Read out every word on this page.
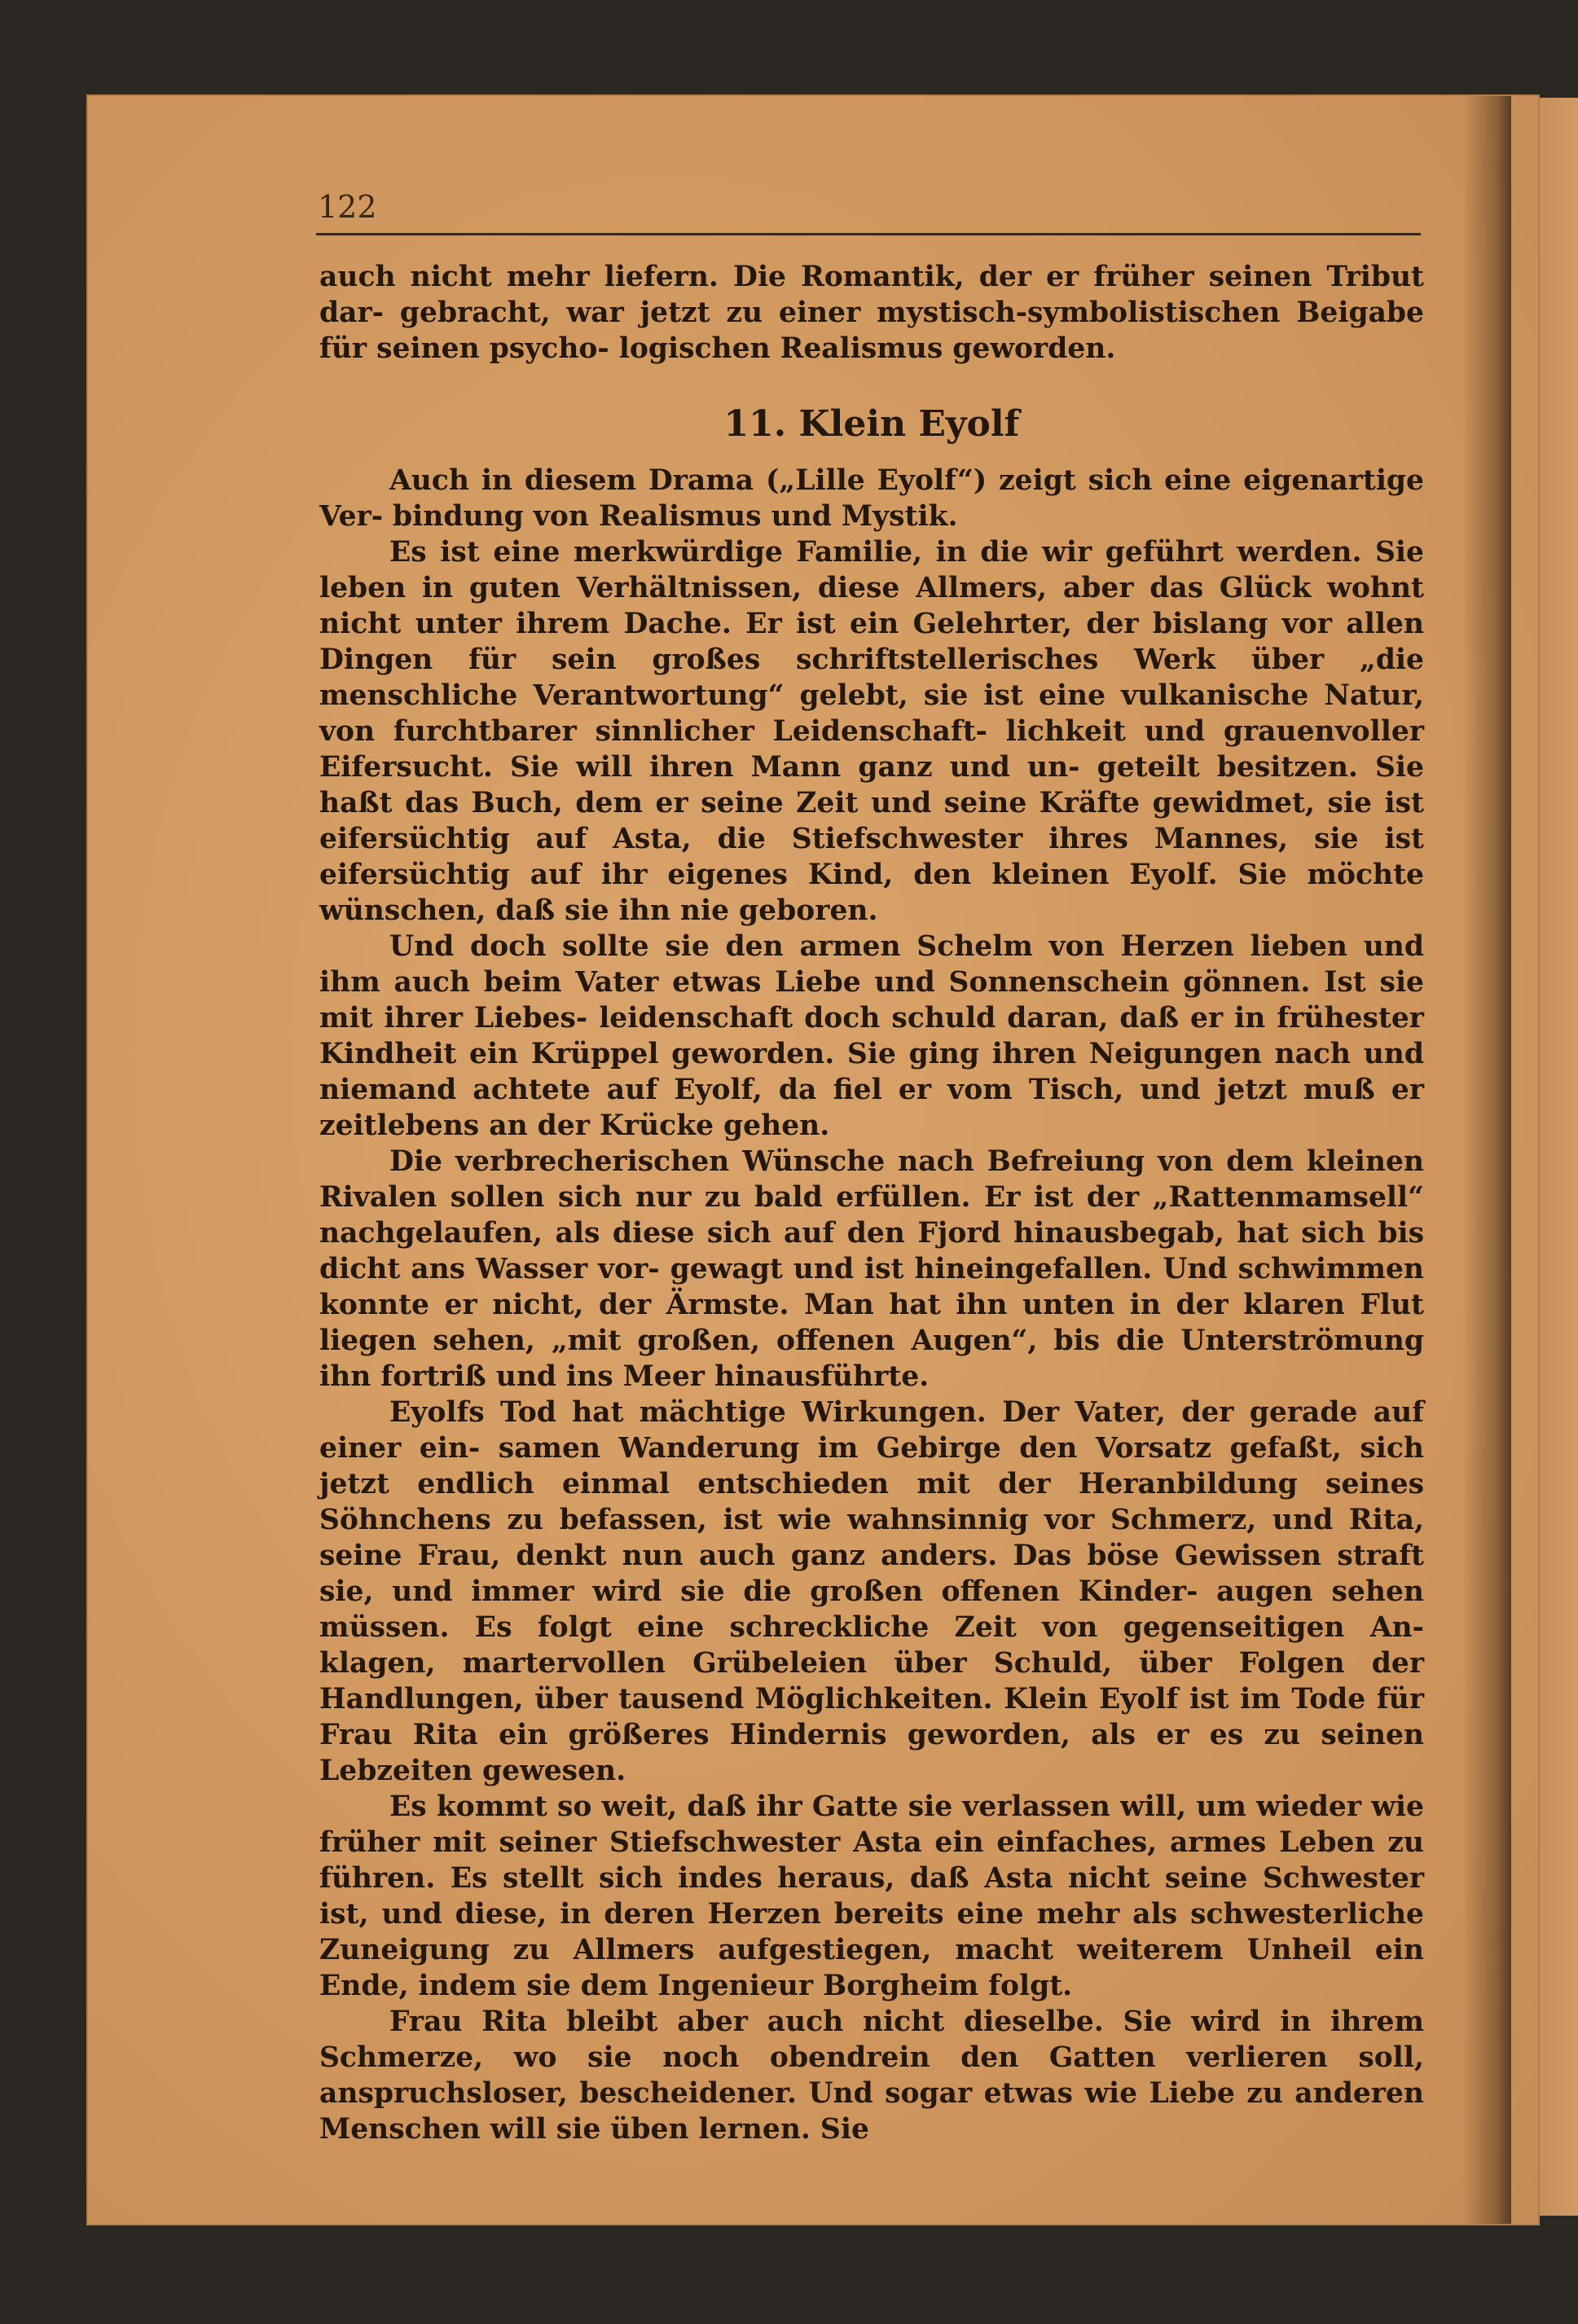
122

auch nicht mehr liefern. Die Romantik, der er früher seinen Tribut dar- gebracht, war jetzt zu einer mystisch-symbolistischen Beigabe für seinen psycho- logischen Realismus geworden.

11. Klein Eyolf

Auch in diesem Drama („Lille Eyolf“) zeigt sich eine eigenartige Ver- bindung von Realismus und Mystik.

Es ist eine merkwürdige Familie, in die wir geführt werden. Sie leben in guten Verhältnissen, diese Allmers, aber das Glück wohnt nicht unter ihrem Dache. Er ist ein Gelehrter, der bislang vor allen Dingen für sein großes schriftstellerisches Werk über „die menschliche Verantwortung“ gelebt, sie ist eine vulkanische Natur, von furchtbarer sinnlicher Leidenschaft- lichkeit und grauenvoller Eifersucht. Sie will ihren Mann ganz und un- geteilt besitzen. Sie haßt das Buch, dem er seine Zeit und seine Kräfte gewidmet, sie ist eifersüchtig auf Asta, die Stiefschwester ihres Mannes, sie ist eifersüchtig auf ihr eigenes Kind, den kleinen Eyolf. Sie möchte wünschen, daß sie ihn nie geboren.

Und doch sollte sie den armen Schelm von Herzen lieben und ihm auch beim Vater etwas Liebe und Sonnenschein gönnen. Ist sie mit ihrer Liebes- leidenschaft doch schuld daran, daß er in frühester Kindheit ein Krüppel geworden. Sie ging ihren Neigungen nach und niemand achtete auf Eyolf, da fiel er vom Tisch, und jetzt muß er zeitlebens an der Krücke gehen.

Die verbrecherischen Wünsche nach Befreiung von dem kleinen Rivalen sollen sich nur zu bald erfüllen. Er ist der „Rattenmamsell“ nachgelaufen, als diese sich auf den Fjord hinausbegab, hat sich bis dicht ans Wasser vor- gewagt und ist hineingefallen. Und schwimmen konnte er nicht, der Ärmste. Man hat ihn unten in der klaren Flut liegen sehen, „mit großen, offenen Augen“, bis die Unterströmung ihn fortriß und ins Meer hinausführte.

Eyolfs Tod hat mächtige Wirkungen. Der Vater, der gerade auf einer ein- samen Wanderung im Gebirge den Vorsatz gefaßt, sich jetzt endlich einmal entschieden mit der Heranbildung seines Söhnchens zu befassen, ist wie wahnsinnig vor Schmerz, und Rita, seine Frau, denkt nun auch ganz anders. Das böse Gewissen straft sie, und immer wird sie die großen offenen Kinder- augen sehen müssen. Es folgt eine schreckliche Zeit von gegenseitigen An- klagen, martervollen Grübeleien über Schuld, über Folgen der Handlungen, über tausend Möglichkeiten. Klein Eyolf ist im Tode für Frau Rita ein größeres Hindernis geworden, als er es zu seinen Lebzeiten gewesen.

Es kommt so weit, daß ihr Gatte sie verlassen will, um wieder wie früher mit seiner Stiefschwester Asta ein einfaches, armes Leben zu führen. Es stellt sich indes heraus, daß Asta nicht seine Schwester ist, und diese, in deren Herzen bereits eine mehr als schwesterliche Zuneigung zu Allmers aufgestiegen, macht weiterem Unheil ein Ende, indem sie dem Ingenieur Borgheim folgt.

Frau Rita bleibt aber auch nicht dieselbe. Sie wird in ihrem Schmerze, wo sie noch obendrein den Gatten verlieren soll, anspruchsloser, bescheidener. Und sogar etwas wie Liebe zu anderen Menschen will sie üben lernen. Sie
